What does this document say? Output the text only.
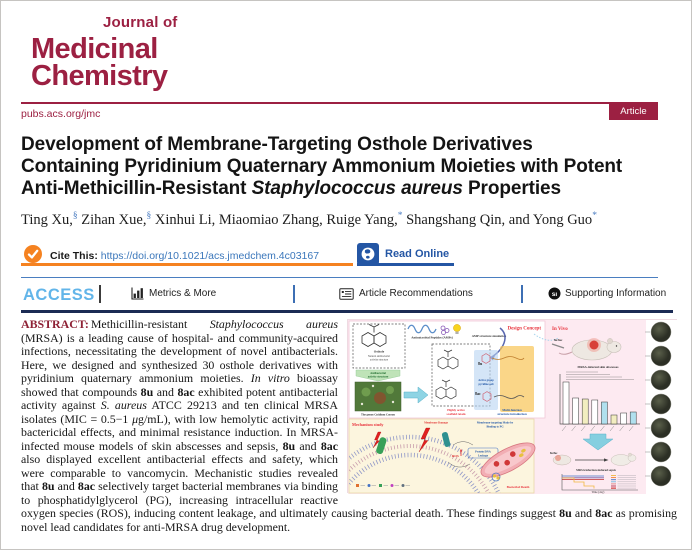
Journal of
Medicinal
Chemistry
pubs.acs.org/jmc	Article
Development of Membrane-Targeting Osthole Derivatives
Containing Pyridinium Quaternary Ammonium Moieties with Potent
Anti-Methicillin-Resistant Staphylococcus aureus Properties
Ting Xu,§ Zihan Xue,§ Xinhui Li, Miaomiao Zhang, Ruige Yang,* Shangshang Qin, and Yong Guo*
Cite This: https://doi.org/10.1021/acs.jmedchem.4c03167	Read Online
ACCESS	Metrics & More	Article Recommendations	sı Supporting Information
Osthole
Natural antibacterial
activity structure
Antibacterial
activity structure
The genus Cnidium Cusson
Antimicrobial Peptides (AMPs)	AMP structure simulation
Design Concept
8u
8ac
Active group
pyridine salt
Highly active
scaffold retain
Multi-function
structure introduction
In Vivo
8u/8ac
MRSA-infected skin abscesses
8u/8ac
MRSA infection-induced sepsis
Time (day)
Mechanism study	Membrane Damage	Membrane-targeting Mode by
Binding to PG
ROS
Protein/DNA
Leakage
Bacterial Death
ABSTRACT: Methicillin-resistant Staphylococcus aureus (MRSA) is a leading cause of hospital- and community-acquired infections, necessitating the development of novel antibacterials. Here, we designed and synthesized 30 osthole derivatives with pyridinium quaternary ammonium moieties. In vitro bioassay showed that compounds 8u and 8ac exhibited potent antibacterial activity against S. aureus ATCC 29213 and ten clinical MRSA isolates (MIC = 0.5−1 μg/mL), with low hemolytic activity, rapid bactericidal effects, and minimal resistance induction. In MRSA-infected mouse models of skin abscesses and sepsis, 8u and 8ac also displayed excellent antibacterial effects and safety, which were comparable to vancomycin. Mechanistic studies revealed that 8u and 8ac selectively target bacterial membranes via binding to phosphatidylglycerol (PG), increasing intracellular reactive oxygen species (ROS), inducing content leakage, and ultimately causing bacterial death. These findings suggest 8u and 8ac as promising novel lead candidates for anti-MRSA drug development.
